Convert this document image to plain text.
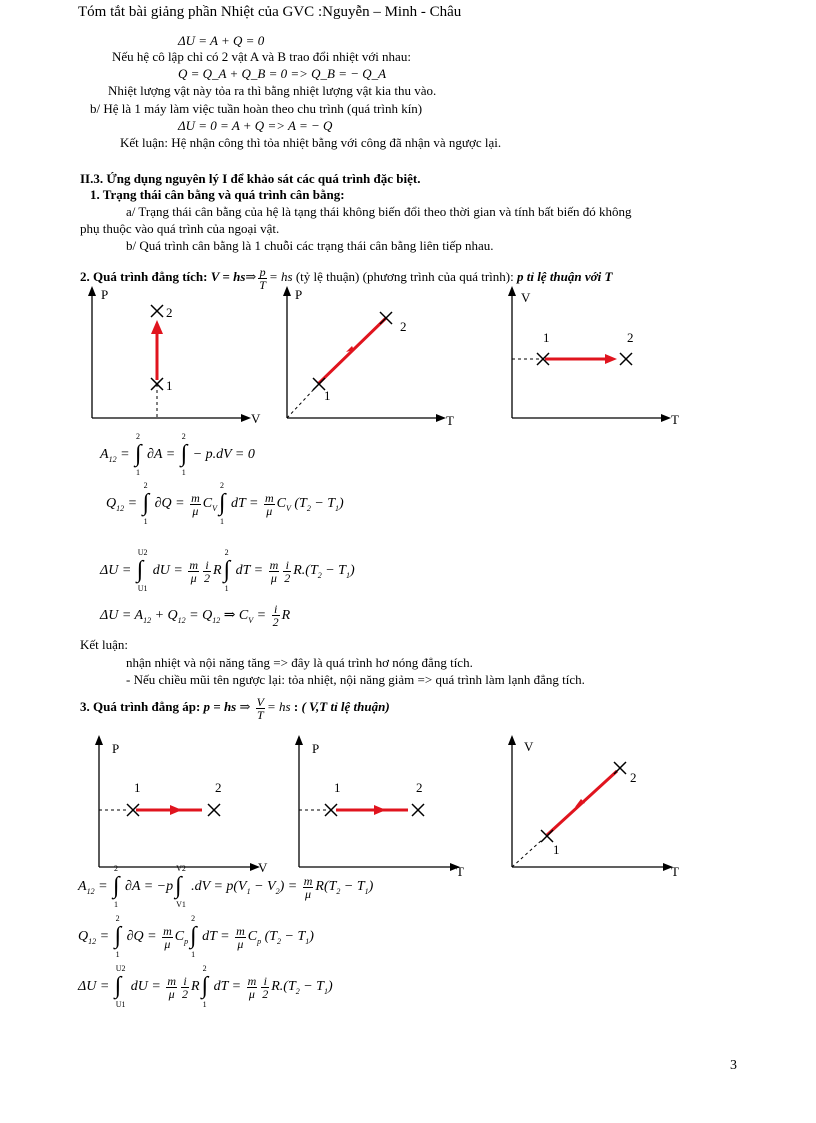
Tóm tắt bài giảng phần Nhiệt của GVC :Nguyễn – Minh - Châu
ΔU = A + Q = 0
Nếu hệ cô lập chỉ có 2 vật A và B trao đổi nhiệt với nhau:
Q = Q_A + Q_B = 0 => Q_B = − Q_A
Nhiệt lượng vật này tỏa ra thì bằng nhiệt lượng vật kia thu vào.
b/ Hệ là 1 máy làm việc tuần hoàn theo chu trình (quá trình kín)
ΔU = 0 = A + Q => A = − Q
Kết luận: Hệ nhận công thì tỏa nhiệt bằng với công đã nhận và ngược lại.
II.3. Ứng dụng nguyên lý I để khảo sát các quá trình đặc biệt.
1. Trạng thái cân bằng và quá trình cân bằng:
a/ Trạng thái cân bằng của hệ là tạng thái không biến đổi theo thời gian và tính bất biến đó không
phụ thuộc vào quá trình của ngoại vật.
b/ Quá trình cân bằng là 1 chuỗi các trạng thái cân bằng liên tiếp nhau.
2. Quá trình đẳng tích: V = hs⇒ $\frac{p}{T}$ = hs (tỷ lệ thuận) (phương trình của quá trình): p tỉ lệ thuận với T
P
V
2
1
P
T
1
2
V
T
1	2
$A_{12}$ =
2
∫
1
∂A =
2
∫
1
− p.dV = 0
$Q_{12}$ =
2
∫
1
$\partial Q = \frac{m}{\mu} C_V$
2
∫
1
dT = $\frac{m}{\mu} C_V$ $(T_2 - T_1)$
ΔU =
U2
∫
U1
dU = $\frac{m}{\mu} \frac{i}{2}$ R
2
∫
1
dT = $\frac{m}{\mu} \frac{i}{2} R.(T_2 - T_1)$
$\Delta U = A_{12} + Q_{12} = Q_{12}$ ⇒ $C_V = \frac{i}{2}$ R
Kết luận:
nhận nhiệt và nội năng tăng => đây là quá trình hơ nóng đẳng tích.
- Nếu chiều mũi tên ngược lại: tỏa nhiệt, nội năng giảm => quá trình làm lạnh đẳng tích.
3. Quá trình đẳng áp: p = hs ⇒ $\frac{V}{T}$ = hs : ( V,T tỉ lệ thuận)
P
V
1	2
P
T
1	2
V
T
1
2
$A_{12}$ =
2
∫
1
∂A = −p
V2
∫
V1
$.dV = p(V_1 - V_2) = \frac{m}{\mu} R(T_2 - T_1)$
$Q_{12}$ =
2
∫
1
$\partial Q = \frac{m}{\mu} C_p$
2
∫
1
dT = $\frac{m}{\mu} C_p$ $(T_2 - T_1)$
ΔU =
U2
∫
U1
dU = $\frac{m}{\mu} \frac{i}{2}$ R
2
∫
1
dT = $\frac{m}{\mu} \frac{i}{2} R.(T_2 - T_1)$
3
